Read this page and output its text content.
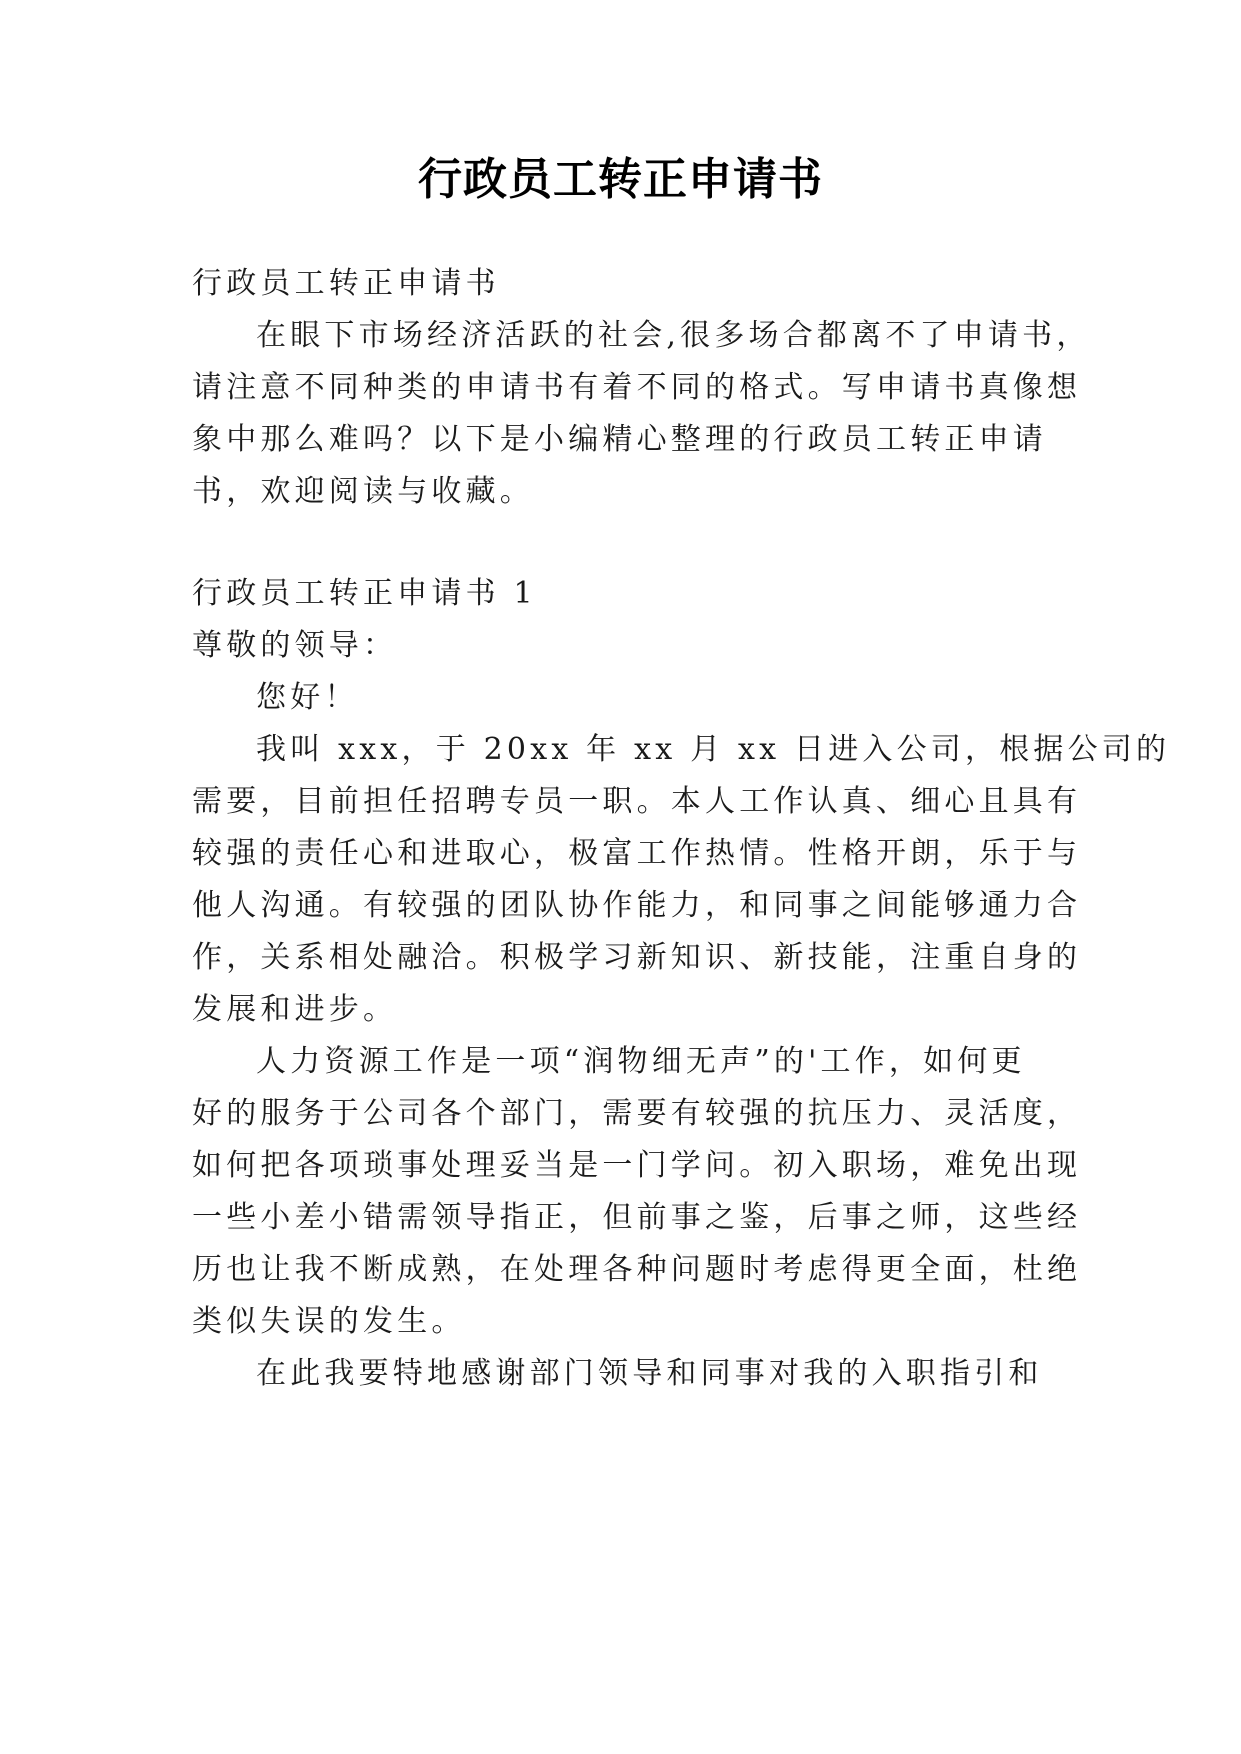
行政员工转正申请书
行政员工转正申请书
在眼下市场经济活跃的社会,很多场合都离不了申请书，
请注意不同种类的申请书有着不同的格式。写申请书真像想
象中那么难吗？以下是小编精心整理的行政员工转正申请
书，欢迎阅读与收藏。
行政员工转正申请书 1
尊敬的领导：
您好！
我叫 xxx，于 20xx 年 xx 月 xx 日进入公司，根据公司的
需要，目前担任招聘专员一职。本人工作认真、细心且具有
较强的责任心和进取心，极富工作热情。性格开朗，乐于与
他人沟通。有较强的团队协作能力，和同事之间能够通力合
作，关系相处融洽。积极学习新知识、新技能，注重自身的
发展和进步。
人力资源工作是一项“润物细无声”的'工作，如何更
好的服务于公司各个部门，需要有较强的抗压力、灵活度，
如何把各项琐事处理妥当是一门学问。初入职场，难免出现
一些小差小错需领导指正，但前事之鉴，后事之师，这些经
历也让我不断成熟，在处理各种问题时考虑得更全面，杜绝
类似失误的发生。
在此我要特地感谢部门领导和同事对我的入职指引和
